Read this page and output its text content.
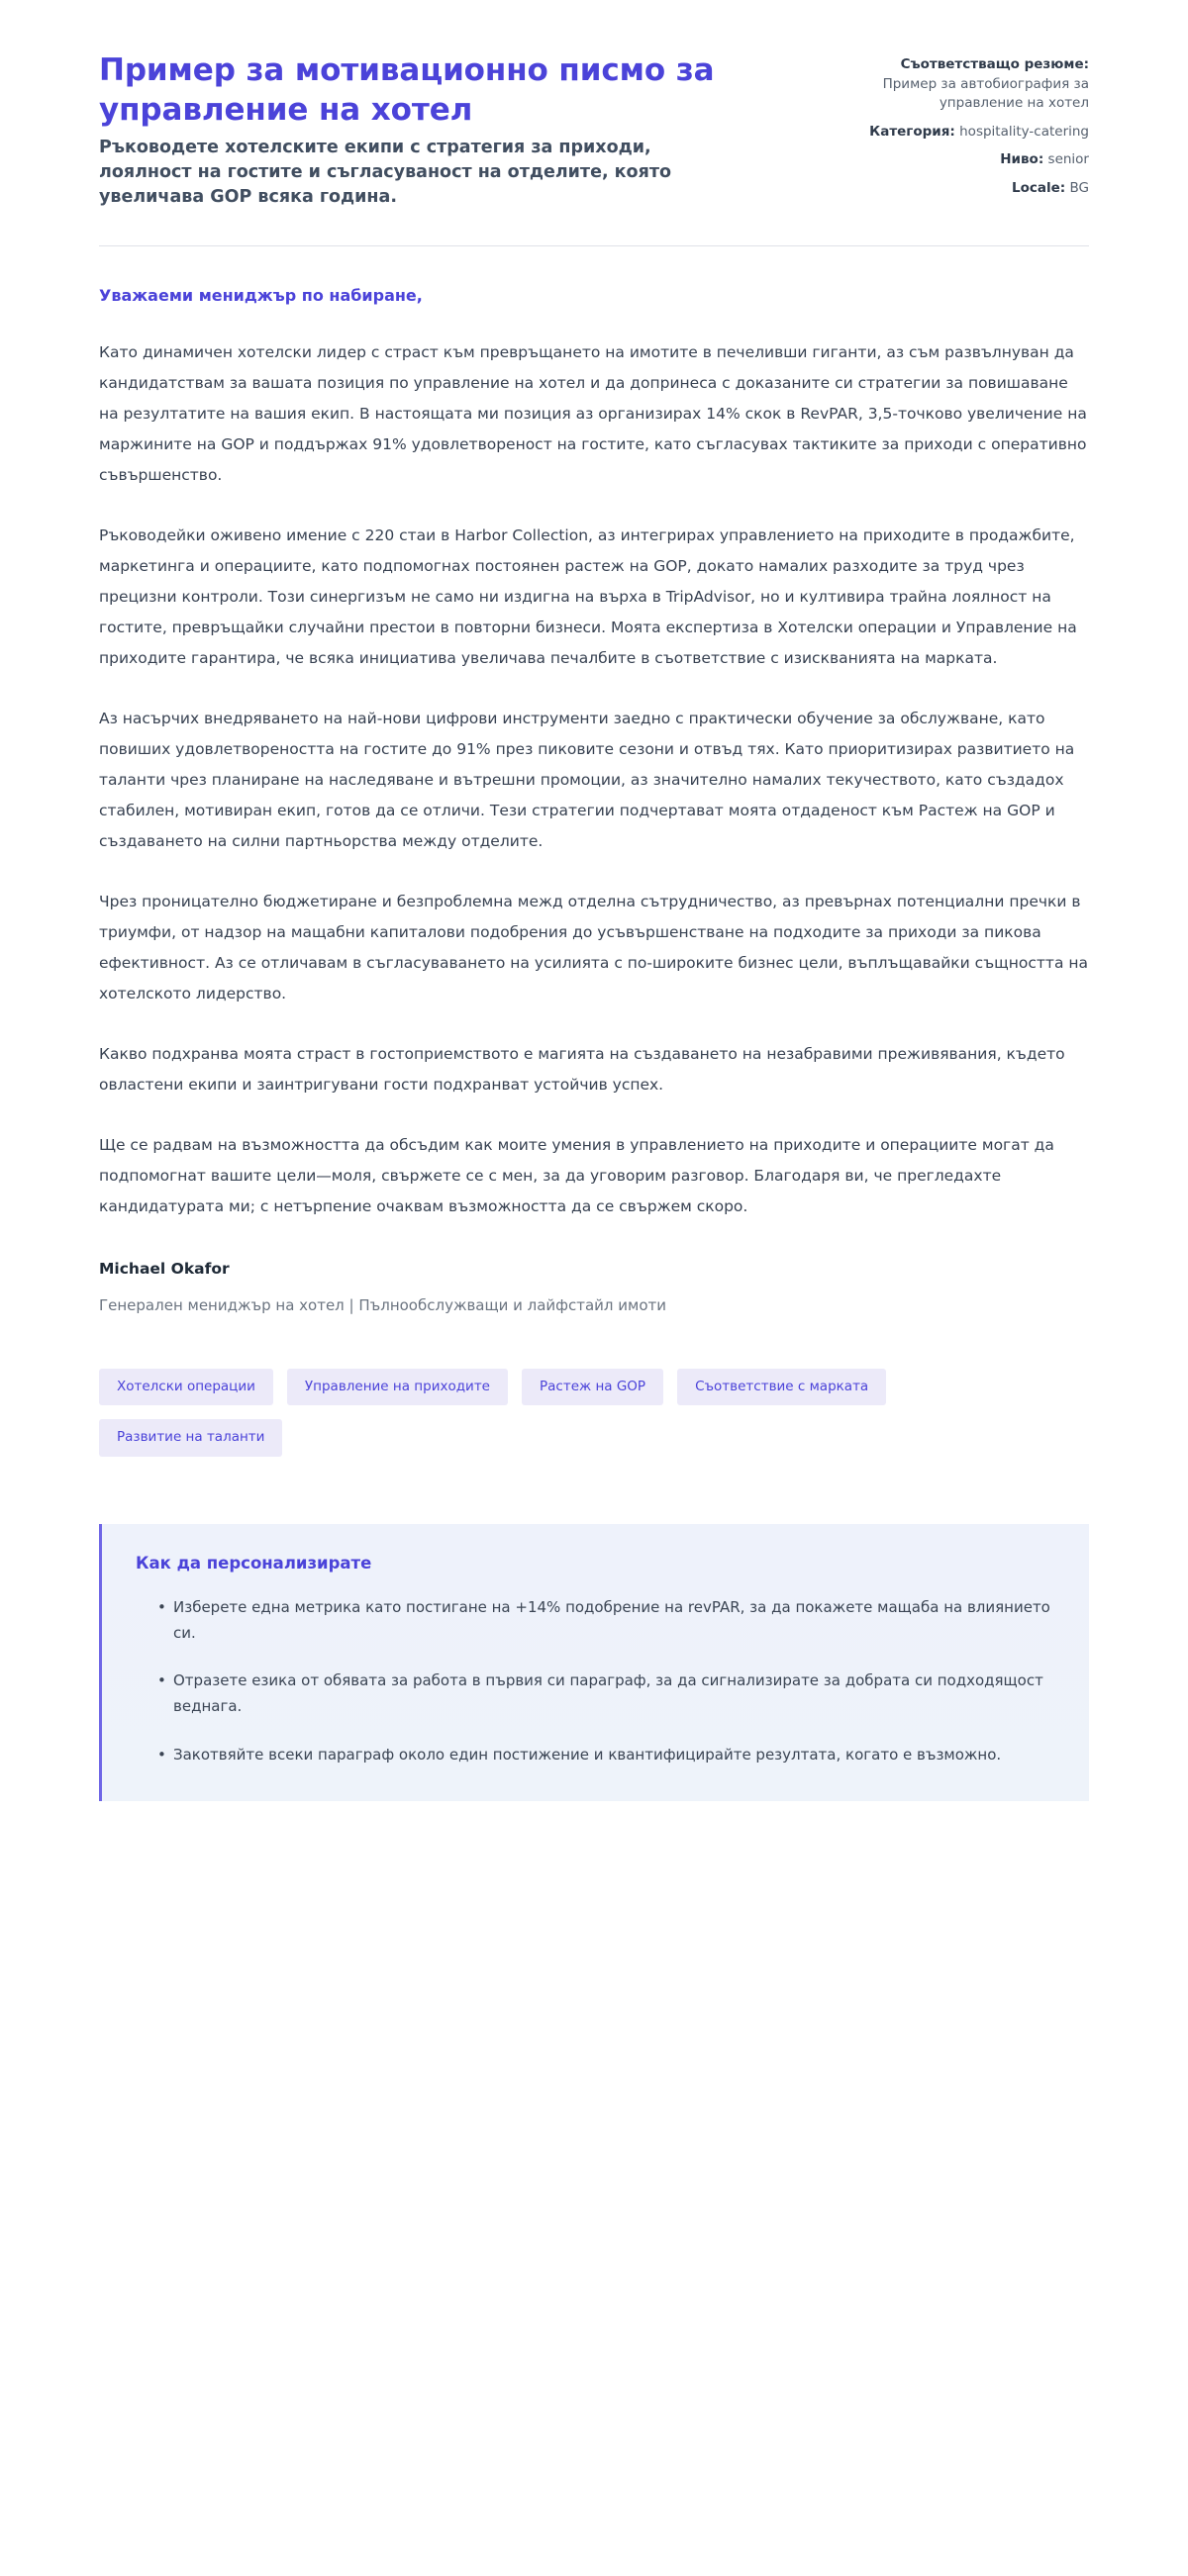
Пример за мотивационно писмо за управление на хотел

Ръководете хотелските екипи с стратегия за приходи, лоялност на гостите и съгласуваност на отделите, която увеличава GOP всяка година.

Съответстващо резюме: Пример за автобиография за управление на хотел
Категория: hospitality-catering
Ниво: senior
Locale: BG

Уважаеми мениджър по набиране,

Като динамичен хотелски лидер с страст към превръщането на имотите в печеливши гиганти, аз съм развълнуван да кандидатствам за вашата позиция по управление на хотел и да допринеса с доказаните си стратегии за повишаване на резултатите на вашия екип. В настоящата ми позиция аз организирах 14% скок в RevPAR, 3,5-точково увеличение на маржините на GOP и поддържах 91% удовлетвореност на гостите, като съгласувах тактиките за приходи с оперативно съвършенство.

Ръководейки оживено имение с 220 стаи в Harbor Collection, аз интегрирах управлението на приходите в продажбите, маркетинга и операциите, като подпомогнах постоянен растеж на GOP, докато намалих разходите за труд чрез прецизни контроли. Този синергизъм не само ни издигна на върха в TripAdvisor, но и култивира трайна лоялност на гостите, превръщайки случайни престои в повторни бизнеси. Моята експертиза в Хотелски операции и Управление на приходите гарантира, че всяка инициатива увеличава печалбите в съответствие с изискванията на марката.

Аз насърчих внедряването на най-нови цифрови инструменти заедно с практически обучение за обслужване, като повиших удовлетвореността на гостите до 91% през пиковите сезони и отвъд тях. Като приоритизирах развитието на таланти чрез планиране на наследяване и вътрешни промоции, аз значително намалих текучеството, като създадох стабилен, мотивиран екип, готов да се отличи. Тези стратегии подчертават моята отдаденост към Растеж на GOP и създаването на силни партньорства между отделите.

Чрез проницателно бюджетиране и безпроблемна межд отделна сътрудничество, аз превърнах потенциални пречки в триумфи, от надзор на мащабни капиталови подобрения до усъвършенстване на подходите за приходи за пикова ефективност. Аз се отличавам в съгласуваването на усилията с по-широките бизнес цели, въплъщавайки същността на хотелското лидерство.

Какво подхранва моята страст в гостоприемството е магията на създаването на незабравими преживявания, където овластени екипи и заинтригувани гости подхранват устойчив успех.

Ще се радвам на възможността да обсъдим как моите умения в управлението на приходите и операциите могат да подпомогнат вашите цели—моля, свържете се с мен, за да уговорим разговор. Благодаря ви, че прегледахте кандидатурата ми; с нетърпение очаквам възможността да се свържем скоро.

Michael Okafor

Генерален мениджър на хотел | Пълнообслужващи и лайфстайл имоти

Хотелски операции	Управление на приходите	Растеж на GOP	Съответствие с марката
Развитие на таланти
Как да персонализирате
• Изберете една метрика като постигане на +14% подобрение на revPAR, за да покажете мащаба на влиянието си.
• Отразете езика от обявата за работа в първия си параграф, за да сигнализирате за добрата си подходящост веднага.
• Закотвяйте всеки параграф около един постижение и квантифицирайте резултата, когато е възможно.
